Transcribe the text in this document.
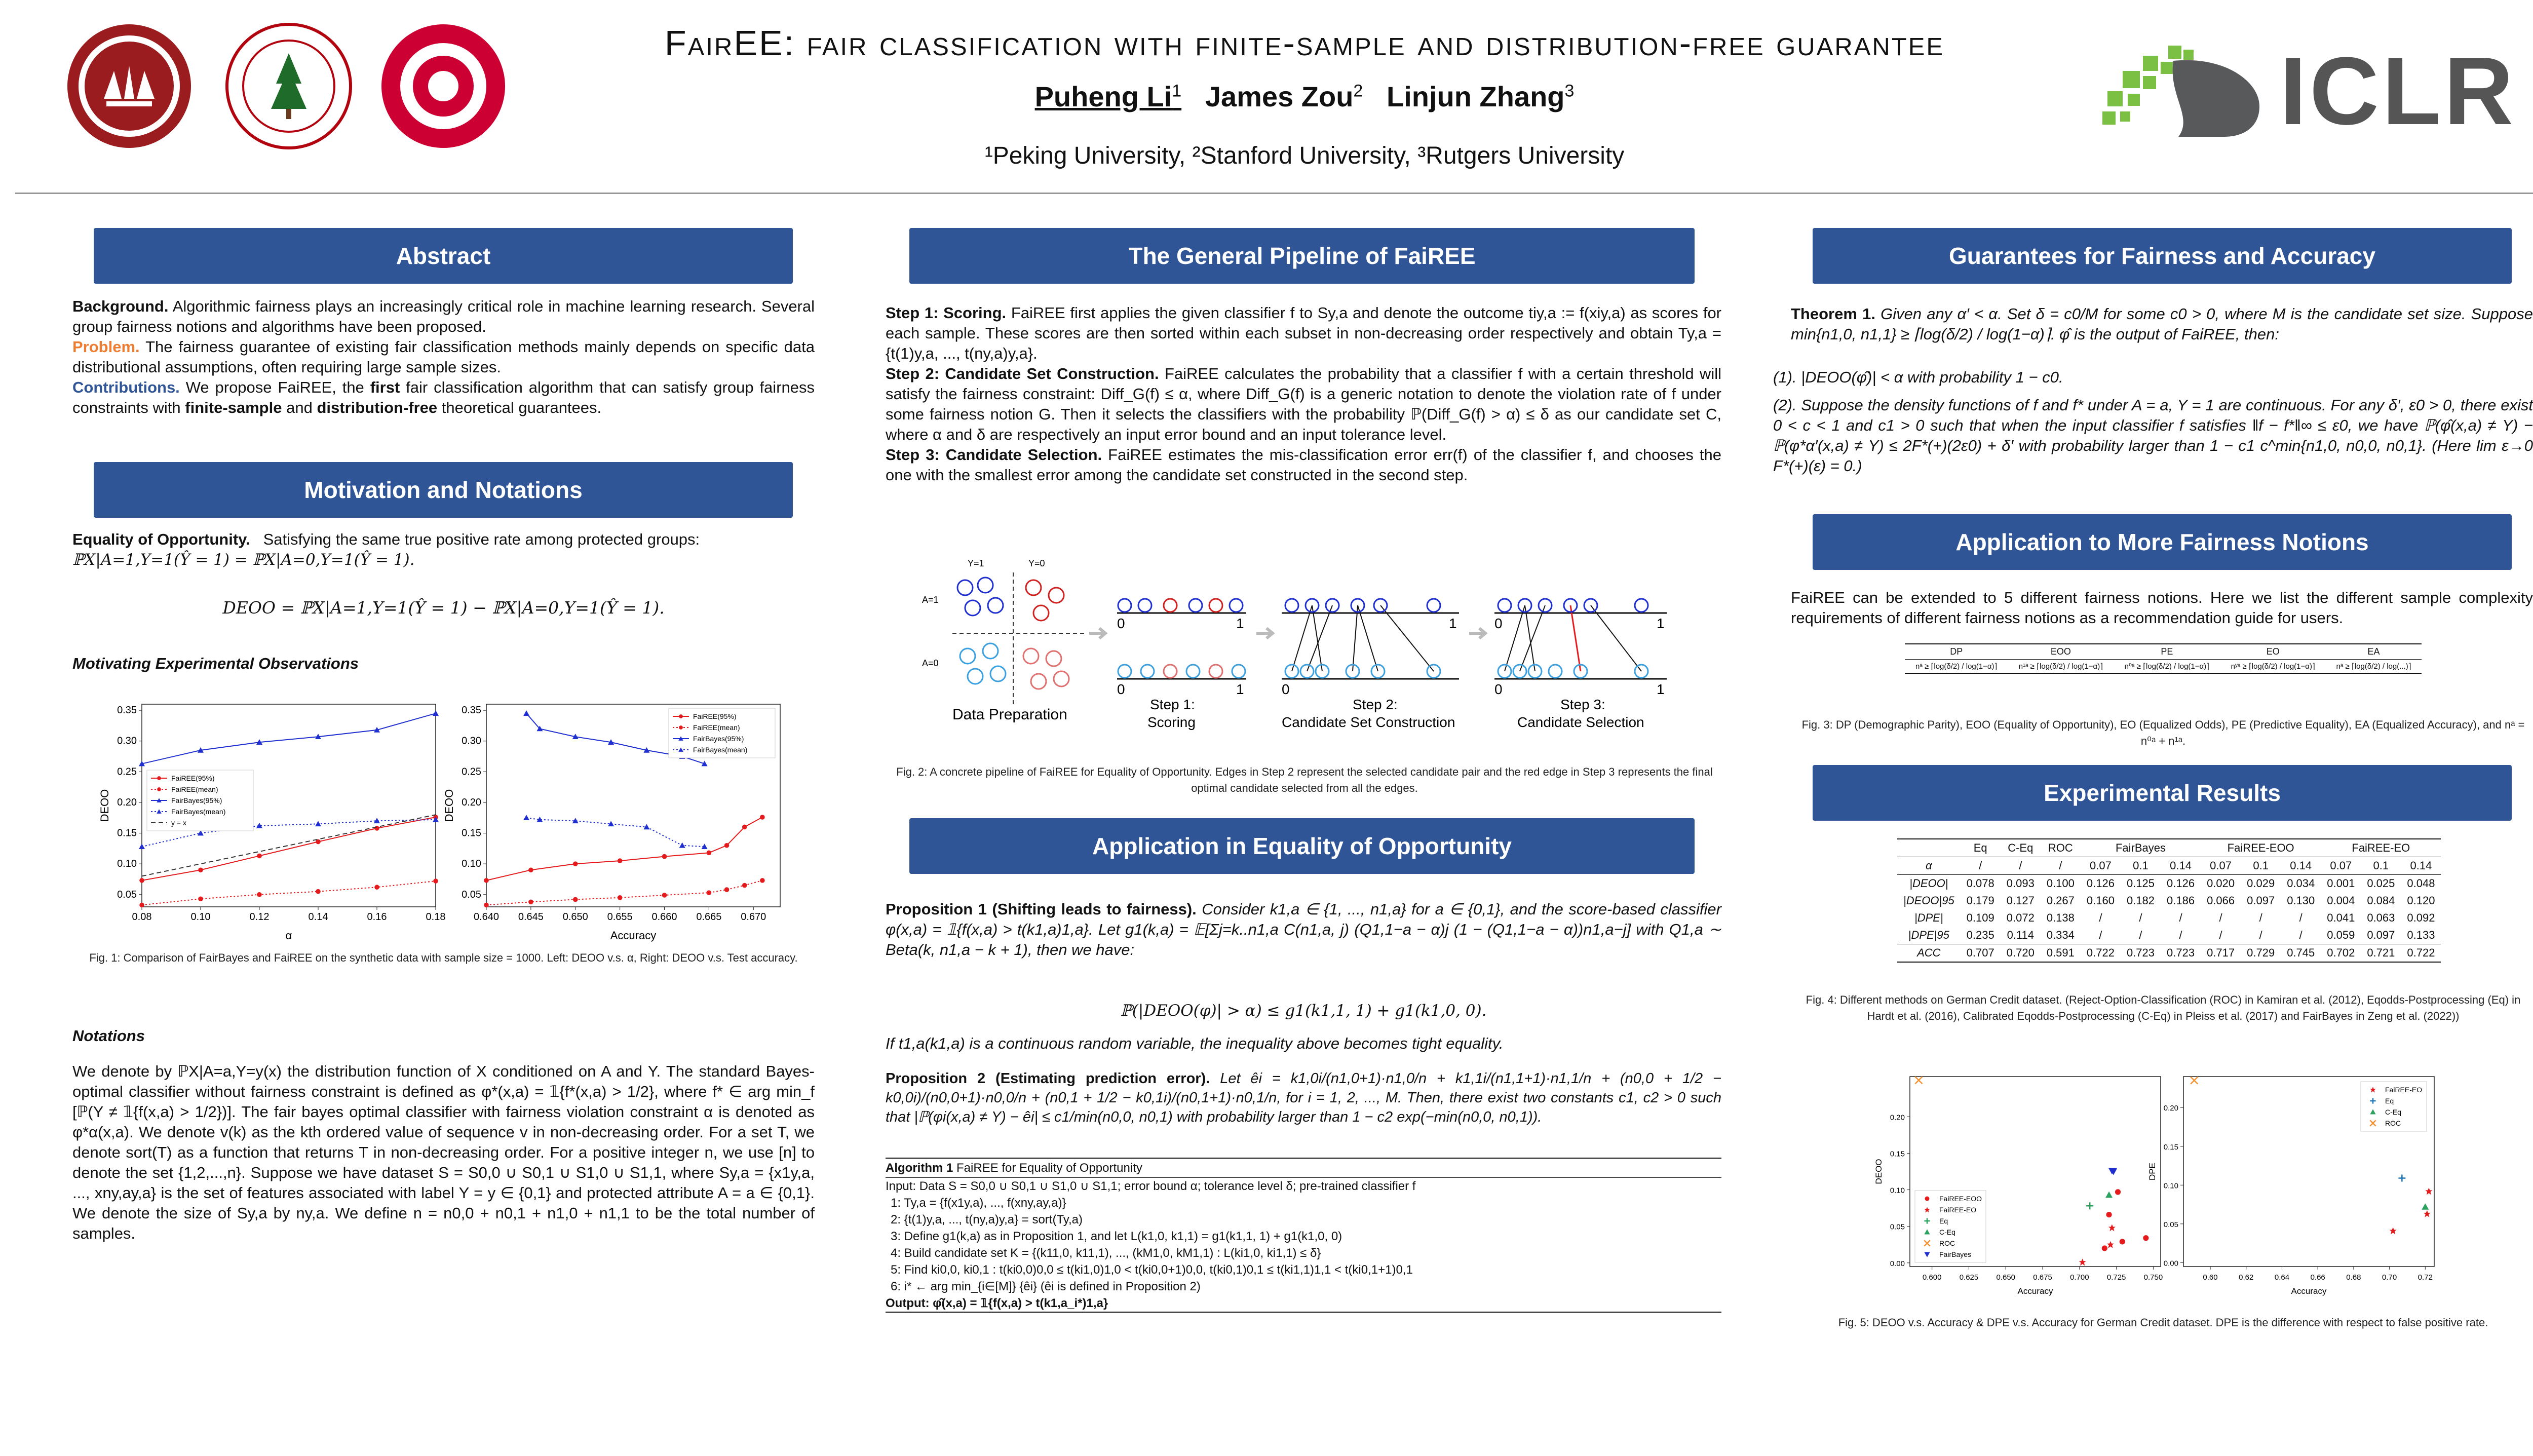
FairEE: fair classification with finite-sample and distribution-free guarantee
Puheng Li$^1$ James Zou$^2$ Linjun Zhang$^3$
¹Peking University, ²Stanford University, ³Rutgers University
ICLR
Abstract
Background. Algorithmic fairness plays an increasingly critical role in machine learning research. Several group fairness notions and algorithms have been proposed.
Problem. The fairness guarantee of existing fair classification methods mainly depends on specific data distributional assumptions, often requiring large sample sizes.
Contributions. We propose FaiREE, the first fair classification algorithm that can satisfy group fairness constraints with finite-sample and distribution-free theoretical guarantees.
Motivation and Notations
Equality of Opportunity. Satisfying the same true positive rate among protected groups:
ℙX|A=1,Y=1(Ŷ = 1) = ℙX|A=0,Y=1(Ŷ = 1).
DEOO = ℙX|A=1,Y=1(Ŷ = 1) − ℙX|A=0,Y=1(Ŷ = 1).
Motivating Experimental Observations
0.08	0.10	0.12	0.14	0.16	0.18
0.05
0.10
0.15
0.20
0.25
0.30
0.35
α
DEOO
FaiREE(95%)
FaiREE(mean)
FairBayes(95%)
FairBayes(mean)
y = x
0.640 0.645 0.650 0.655 0.660 0.665 0.670
0.05
0.10
0.15
0.20
0.25
0.30
0.35
Accuracy
DEOO
FaiREE(95%)
FaiREE(mean)
FairBayes(95%)
FairBayes(mean)
Fig. 1: Comparison of FairBayes and FaiREE on the synthetic data with sample size = 1000. Left: DEOO v.s. α, Right: DEOO v.s. Test accuracy.
Notations
We denote by ℙX|A=a,Y=y(x) the distribution function of X conditioned on A and Y. The standard Bayes-optimal classifier without fairness constraint is defined as φ*(x,a) = 𝟙{f*(x,a) > 1/2}, where f* ∈ arg min_f [ℙ(Y ≠ 𝟙{f(x,a) > 1/2})]. The fair bayes optimal classifier with fairness violation constraint α is denoted as φ*α(x,a). We denote v(k) as the kth ordered value of sequence v in non-decreasing order. For a set T, we denote sort(T) as a function that returns T in non-decreasing order. For a positive integer n, we use [n] to denote the set {1,2,...,n}. Suppose we have dataset S = S0,0 ∪ S0,1 ∪ S1,0 ∪ S1,1, where Sy,a = {x1y,a, ..., xny,ay,a} is the set of features associated with label Y = y ∈ {0,1} and protected attribute A = a ∈ {0,1}. We denote the size of Sy,a by ny,a. We define n = n0,0 + n0,1 + n1,0 + n1,1 to be the total number of samples.
The General Pipeline of FaiREE
Step 1: Scoring. FaiREE first applies the given classifier f to Sy,a and denote the outcome tiy,a := f(xiy,a) as scores for each sample. These scores are then sorted within each subset in non-decreasing order respectively and obtain Ty,a = {t(1)y,a, ..., t(ny,a)y,a}.
Step 2: Candidate Set Construction. FaiREE calculates the probability that a classifier f with a certain threshold will satisfy the fairness constraint: Diff_G(f) ≤ α, where Diff_G(f) is a generic notation to denote the violation rate of f under some fairness notion G. Then it selects the classifiers with the probability ℙ(Diff_G(f) > α) ≤ δ as our candidate set C, where α and δ are respectively an input error bound and an input tolerance level.
Step 3: Candidate Selection. FaiREE estimates the mis-classification error err(f) of the classifier f, and chooses the one with the smallest error among the candidate set constructed in the second step.
Y=1	Y=0
A=1
A=0
Data Preparation
0	1
0	1
Step 1:
Scoring
0
1
Step 2:
Candidate Set Construction
0	1
0	1
Step 3:
Candidate Selection
Fig. 2: A concrete pipeline of FaiREE for Equality of Opportunity. Edges in Step 2 represent the selected candidate pair and the red edge in Step 3 represents the final optimal candidate selected from all the edges.
Application in Equality of Opportunity
Proposition 1 (Shifting leads to fairness). Consider k1,a ∈ {1, ..., n1,a} for a ∈ {0,1}, and the score-based classifier φ(x,a) = 𝟙{f(x,a) > t(k1,a)1,a}. Let g1(k,a) = 𝔼[Σj=k..n1,a C(n1,a, j) (Q1,1−a − α)j (1 − (Q1,1−a − α))n1,a−j] with Q1,a ∼ Beta(k, n1,a − k + 1), then we have:
ℙ(|DEOO(φ)| > α) ≤ g1(k1,1, 1) + g1(k1,0, 0).
If t1,a(k1,a) is a continuous random variable, the inequality above becomes tight equality.
Proposition 2 (Estimating prediction error). Let êi = k1,0i/(n1,0+1)·n1,0/n + k1,1i/(n1,1+1)·n1,1/n + (n0,0 + 1/2 − k0,0i)/(n0,0+1)·n0,0/n + (n0,1 + 1/2 − k0,1i)/(n0,1+1)·n0,1/n, for i = 1, 2, ..., M. Then, there exist two constants c1, c2 > 0 such that |ℙ(φi(x,a) ≠ Y) − êi| ≤ c1/min(n0,0, n0,1) with probability larger than 1 − c2 exp(−min(n0,0, n0,1)).
Algorithm 1 FaiREE for Equality of Opportunity
Input: Data S = S0,0 ∪ S0,1 ∪ S1,0 ∪ S1,1; error bound α; tolerance level δ; pre-trained classifier f
1: Ty,a = {f(x1y,a), ..., f(xny,ay,a)}
2: {t(1)y,a, ..., t(ny,a)y,a} = sort(Ty,a)
3: Define g1(k,a) as in Proposition 1, and let L(k1,0, k1,1) = g1(k1,1, 1) + g1(k1,0, 0)
4: Build candidate set K = {(k11,0, k11,1), ..., (kM1,0, kM1,1) : L(ki1,0, ki1,1) ≤ δ}
5: Find ki0,0, ki0,1 : t(ki0,0)0,0 ≤ t(ki1,0)1,0 < t(ki0,0+1)0,0, t(ki0,1)0,1 ≤ t(ki1,1)1,1 < t(ki0,1+1)0,1
6: i* ← arg min_{i∈[M]} {êi} (êi is defined in Proposition 2)
Output: φ̂(x,a) = 𝟙{f(x,a) > t(k1,a_i*)1,a}
Guarantees for Fairness and Accuracy
Theorem 1. Given any α′ < α. Set δ = c0/M for some c0 > 0, where M is the candidate set size. Suppose min{n1,0, n1,1} ≥ ⌈log(δ/2) / log(1−α)⌉. φ̂ is the output of FaiREE, then:
(1). |DEOO(φ̂)| < α with probability 1 − c0.
(2). Suppose the density functions of f and f* under A = a, Y = 1 are continuous. For any δ′, ε0 > 0, there exist 0 < c < 1 and c1 > 0 such that when the input classifier f satisfies ‖f − f*‖∞ ≤ ε0, we have ℙ(φ̂(x,a) ≠ Y) − ℙ(φ*α′(x,a) ≠ Y) ≤ 2F*(+)(2ε0) + δ′ with probability larger than 1 − c1 c^min{n1,0, n0,0, n0,1}. (Here lim ε→0 F*(+)(ε) = 0.)
Application to More Fairness Notions
FaiREE can be extended to 5 different fairness notions. Here we list the different sample complexity requirements of different fairness notions as a recommendation guide for users.
DP	EOO	PE	EO	EA
nᵃ ≥ ⌈log(δ/2) / log(1−α)⌉	n¹ᵃ ≥ ⌈log(δ/2) / log(1−α)⌉	n⁰ᵃ ≥ ⌈log(δ/2) / log(1−α)⌉	nʸᵃ ≥ ⌈log(δ/2) / log(1−α)⌉	nᵃ ≥ ⌈log(δ/2) / log(...)⌉
Fig. 3: DP (Demographic Parity), EOO (Equality of Opportunity), EO (Equalized Odds), PE (Predictive Equality), EA (Equalized Accuracy), and nᵃ = n⁰ᵃ + n¹ᵃ.
Experimental Results
	Eq	C-Eq	ROC	FairBayes			FaiREE-EOO			FaiREE-EO		
α	/	/	/	0.07	0.1	0.14	0.07	0.1	0.14	0.07	0.1	0.14
|DEOO|	0.078	0.093	0.100	0.126	0.125	0.126	0.020	0.029	0.034	0.001	0.025	0.048
|DEOO|95	0.179	0.127	0.267	0.160	0.182	0.186	0.066	0.097	0.130	0.004	0.084	0.120
|DPE|	0.109	0.072	0.138	/	/	/	/	/	/	0.041	0.063	0.092
|DPE|95	0.235	0.114	0.334	/	/	/	/	/	/	0.059	0.097	0.133
ACC	0.707	0.720	0.591	0.722	0.723	0.723	0.717	0.729	0.745	0.702	0.721	0.722
Fig. 4: Different methods on German Credit dataset. (Reject-Option-Classification (ROC) in Kamiran et al. (2012), Eqodds-Postprocessing (Eq) in Hardt et al. (2016), Calibrated Eqodds-Postprocessing (C-Eq) in Pleiss et al. (2017) and FairBayes in Zeng et al. (2022))
0.600 0.625 0.650 0.675 0.700 0.725 0.750
0.00
0.05
0.10
0.15
0.20
Accuracy
DEOO
FaiREE-EOO
FaiREE-EO
Eq
C-Eq
ROC
FairBayes
0.60	0.62	0.64	0.66	0.68	0.70	0.72
0.00
0.05
0.10
0.15
0.20
Accuracy
DPE
FaiREE-EO
Eq
C-Eq
ROC
Fig. 5: DEOO v.s. Accuracy & DPE v.s. Accuracy for German Credit dataset. DPE is the difference with respect to false positive rate.
